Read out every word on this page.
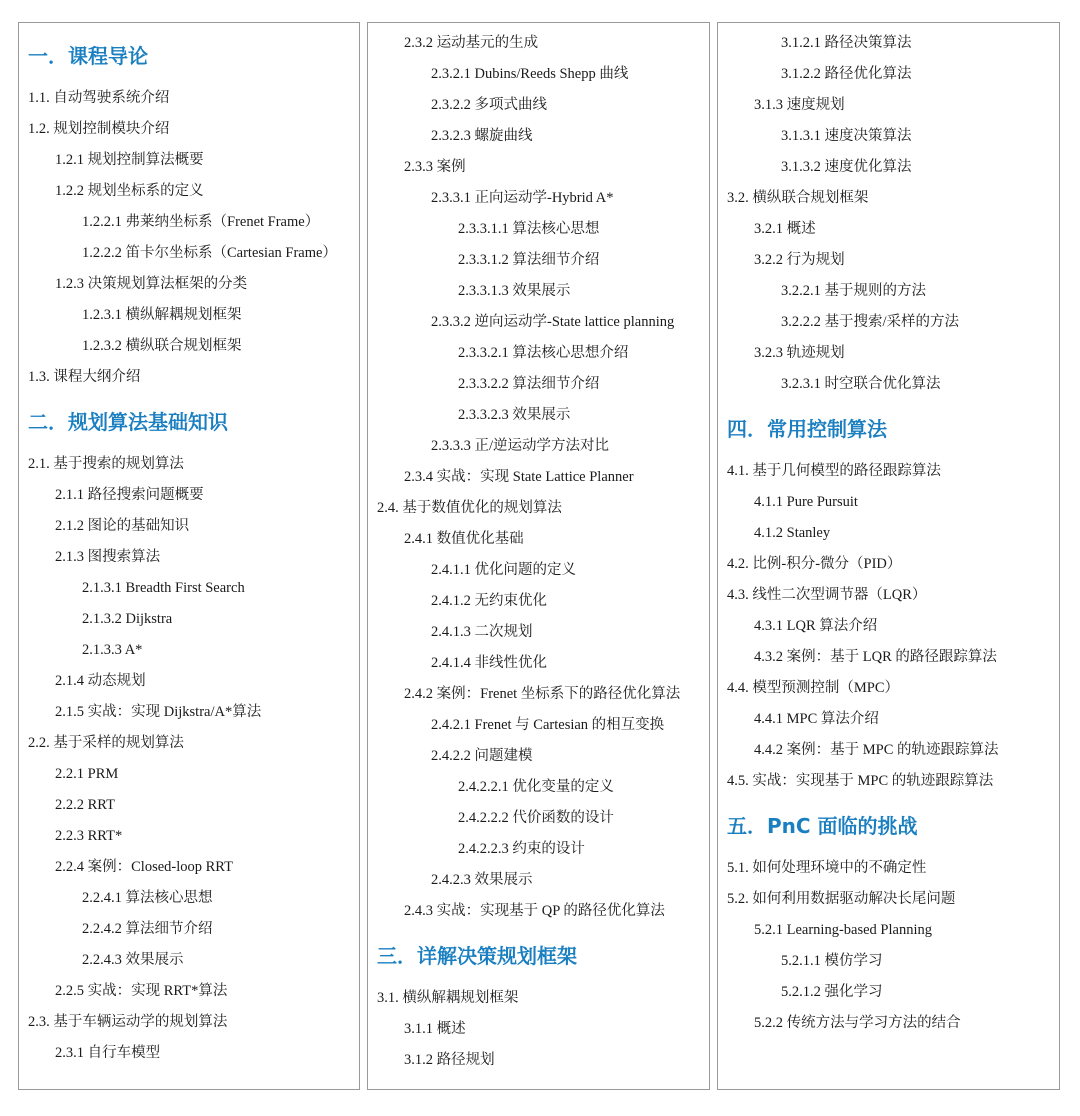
一．课程导论
1.1. 自动驾驶系统介绍
1.2. 规划控制模块介绍
1.2.1 规划控制算法概要
1.2.2 规划坐标系的定义
1.2.2.1 弗莱纳坐标系（Frenet Frame）
1.2.2.2 笛卡尔坐标系（Cartesian Frame）
1.2.3 决策规划算法框架的分类
1.2.3.1 横纵解耦规划框架
1.2.3.2 横纵联合规划框架
1.3. 课程大纲介绍
二．规划算法基础知识
2.1. 基于搜索的规划算法
2.1.1 路径搜索问题概要
2.1.2 图论的基础知识
2.1.3 图搜索算法
2.1.3.1 Breadth First Search
2.1.3.2 Dijkstra
2.1.3.3 A*
2.1.4 动态规划
2.1.5 实战：实现 Dijkstra/A*算法
2.2. 基于采样的规划算法
2.2.1 PRM
2.2.2 RRT
2.2.3 RRT*
2.2.4 案例：Closed-loop RRT
2.2.4.1 算法核心思想
2.2.4.2 算法细节介绍
2.2.4.3 效果展示
2.2.5 实战：实现 RRT*算法
2.3. 基于车辆运动学的规划算法
2.3.1 自行车模型
2.3.2 运动基元的生成
2.3.2.1 Dubins/Reeds Shepp 曲线
2.3.2.2 多项式曲线
2.3.2.3 螺旋曲线
2.3.3 案例
2.3.3.1 正向运动学-Hybrid A*
2.3.3.1.1 算法核心思想
2.3.3.1.2 算法细节介绍
2.3.3.1.3 效果展示
2.3.3.2 逆向运动学-State lattice planning
2.3.3.2.1 算法核心思想介绍
2.3.3.2.2 算法细节介绍
2.3.3.2.3 效果展示
2.3.3.3 正/逆运动学方法对比
2.3.4 实战：实现 State Lattice Planner
2.4. 基于数值优化的规划算法
2.4.1 数值优化基础
2.4.1.1 优化问题的定义
2.4.1.2 无约束优化
2.4.1.3 二次规划
2.4.1.4 非线性优化
2.4.2 案例：Frenet 坐标系下的路径优化算法
2.4.2.1 Frenet 与 Cartesian 的相互变换
2.4.2.2 问题建模
2.4.2.2.1 优化变量的定义
2.4.2.2.2 代价函数的设计
2.4.2.2.3 约束的设计
2.4.2.3 效果展示
2.4.3 实战：实现基于 QP 的路径优化算法
三．详解决策规划框架
3.1. 横纵解耦规划框架
3.1.1 概述
3.1.2 路径规划
3.1.2.1 路径决策算法
3.1.2.2 路径优化算法
3.1.3 速度规划
3.1.3.1 速度决策算法
3.1.3.2 速度优化算法
3.2. 横纵联合规划框架
3.2.1 概述
3.2.2 行为规划
3.2.2.1 基于规则的方法
3.2.2.2 基于搜索/采样的方法
3.2.3 轨迹规划
3.2.3.1 时空联合优化算法
四．常用控制算法
4.1. 基于几何模型的路径跟踪算法
4.1.1 Pure Pursuit
4.1.2 Stanley
4.2. 比例-积分-微分（PID）
4.3. 线性二次型调节器（LQR）
4.3.1 LQR 算法介绍
4.3.2 案例：基于 LQR 的路径跟踪算法
4.4. 模型预测控制（MPC）
4.4.1 MPC 算法介绍
4.4.2 案例：基于 MPC 的轨迹跟踪算法
4.5. 实战：实现基于 MPC 的轨迹跟踪算法
五．PnC 面临的挑战
5.1. 如何处理环境中的不确定性
5.2. 如何利用数据驱动解决长尾问题
5.2.1 Learning-based Planning
5.2.1.1 模仿学习
5.2.1.2 强化学习
5.2.2 传统方法与学习方法的结合
